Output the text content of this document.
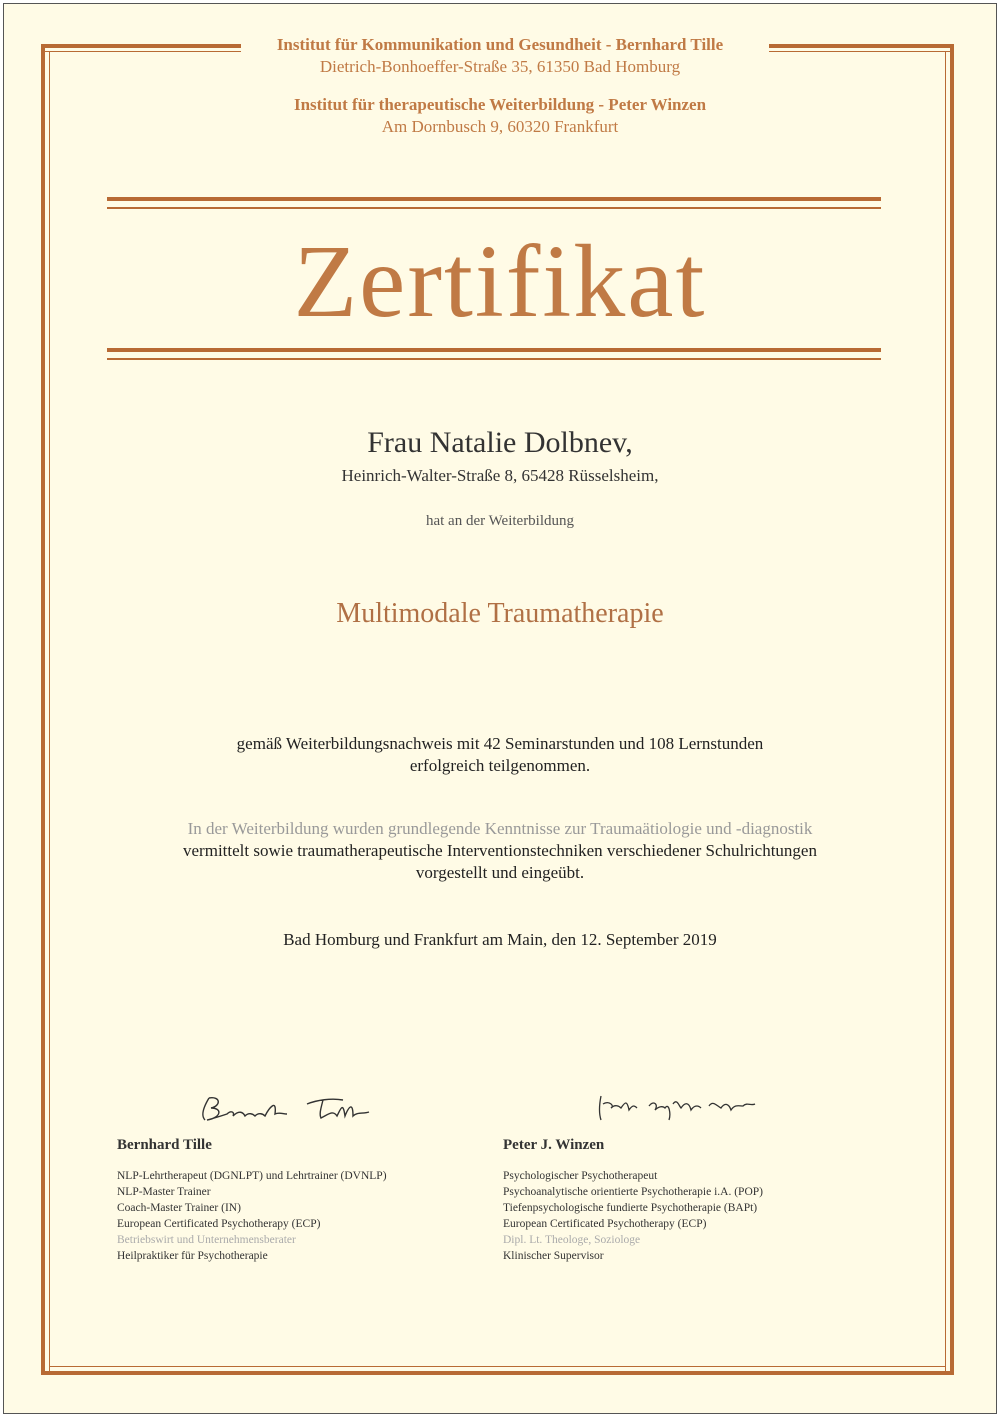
Institut für Kommunikation und Gesundheit - Bernhard Tille
Dietrich-Bonhoeffer-Straße 35, 61350 Bad Homburg
Institut für therapeutische Weiterbildung - Peter Winzen
Am Dornbusch 9, 60320 Frankfurt
Zertifikat
Frau Natalie Dolbnev,
Heinrich-Walter-Straße 8, 65428 Rüsselsheim,
hat an der Weiterbildung
Multimodale Traumatherapie
gemäß Weiterbildungsnachweis mit 42 Seminarstunden und 108 Lernstunden
erfolgreich teilgenommen.
In der Weiterbildung wurden grundlegende Kenntnisse zur Traumaätiologie und -diagnostik
vermittelt sowie traumatherapeutische Interventionstechniken verschiedener Schulrichtungen
vorgestellt und eingeübt.
Bad Homburg und Frankfurt am Main, den 12. September 2019
Bernhard Tille
NLP-Lehrtherapeut (DGNLPT) und Lehrtrainer (DVNLP)
NLP-Master Trainer
Coach-Master Trainer (IN)
European Certificated Psychotherapy (ECP)
Betriebswirt und Unternehmensberater
Heilpraktiker für Psychotherapie
Peter J. Winzen
Psychologischer Psychotherapeut
Psychoanalytische orientierte Psychotherapie i.A. (POP)
Tiefenpsychologische fundierte Psychotherapie (BAPt)
European Certificated Psychotherapy (ECP)
Dipl. Lt. Theologe, Soziologe
Klinischer Supervisor
